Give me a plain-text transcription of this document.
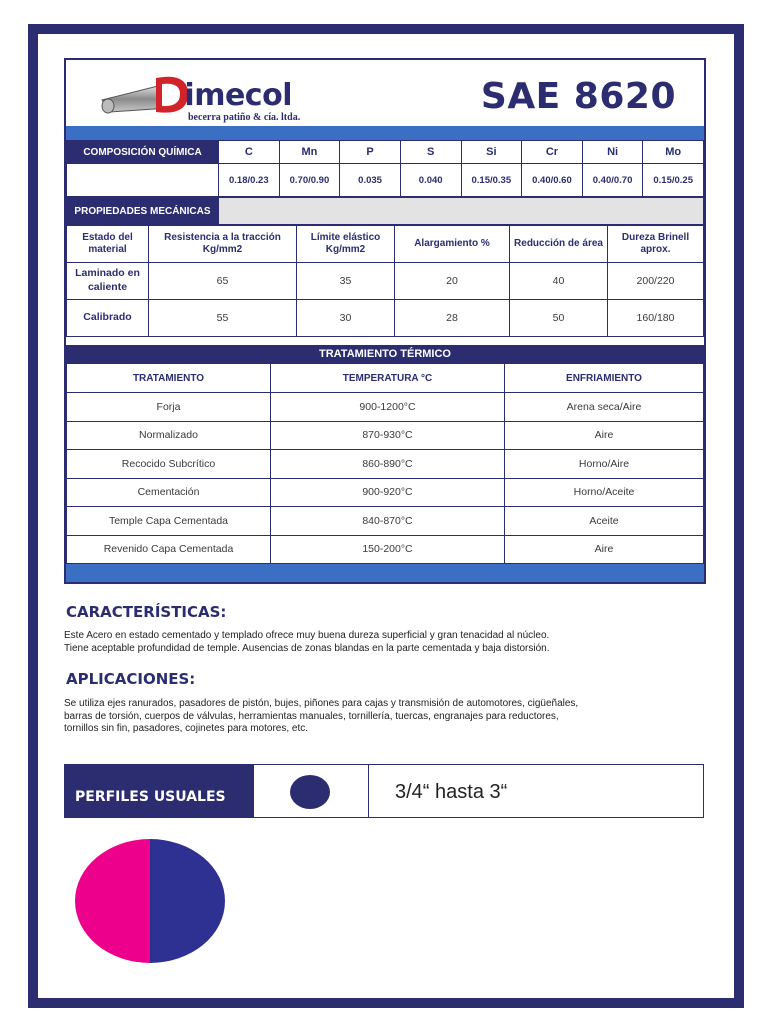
imecol
becerra patiño & cía. ltda.
SAE 8620
COMPOSICIÓN QUÍMICA	C	Mn	P	S	Si	Cr	Ni	Mo
	0.18/0.23	0.70/0.90	0.035	0.040	0.15/0.35	0.40/0.60	0.40/0.70	0.15/0.25
PROPIEDADES MECÁNICAS	
Estado del material	Resistencia a la tracción Kg/mm2	Límite elástico Kg/mm2	Alargamiento %	Reducción de área	Dureza Brinell aprox.
Laminado en caliente	65	35	20	40	200/220
Calibrado	55	30	28	50	160/180
TRATAMIENTO TÉRMICO
TRATAMIENTO	TEMPERATURA °C	ENFRIAMIENTO
Forja	900-1200°C	Arena seca/Aire
Normalizado	870-930°C	Aire
Recocido Subcrítico	860-890°C	Horno/Aire
Cementación	900-920°C	Horno/Aceite
Temple Capa Cementada	840-870°C	Aceite
Revenido Capa Cementada	150-200°C	Aire
CARACTERÍSTICAS:
Este Acero en estado cementado y templado ofrece muy buena dureza superficial y gran tenacidad al núcleo.
Tiene aceptable profundidad de temple. Ausencias de zonas blandas en la parte cementada y baja distorsión.
APLICACIONES:
Se utiliza ejes ranurados, pasadores de pistón, bujes, piñones para cajas y transmisión de automotores, cigüeñales,
barras de torsión, cuerpos de válvulas, herramientas manuales, tornillería, tuercas, engranajes para reductores,
tornillos sin fin, pasadores, cojinetes para motores, etc.
PERFILES USUALES	3/4“ hasta 3“
